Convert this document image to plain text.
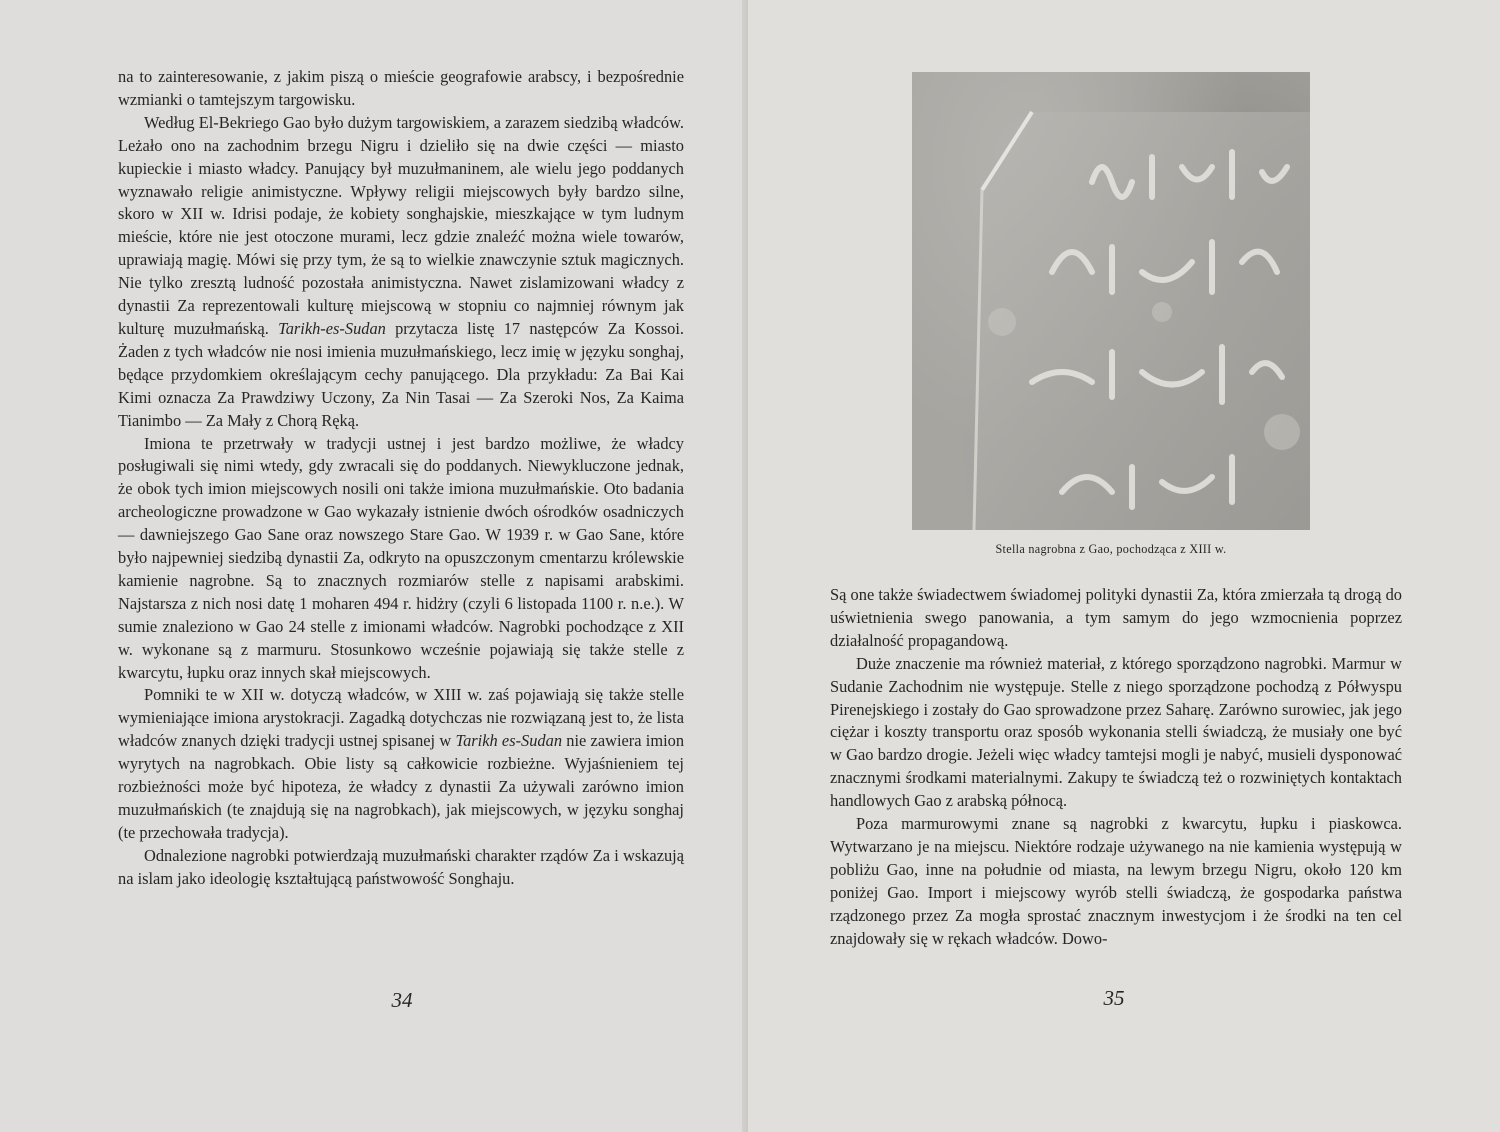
na to zainteresowanie, z jakim piszą o mieście geografowie arabscy, i bezpośrednie wzmianki o tamtejszym targowisku.

Według El-Bekriego Gao było dużym targowiskiem, a zarazem siedzibą władców. Leżało ono na zachodnim brzegu Nigru i dzieliło się na dwie części — miasto kupieckie i miasto władcy. Panujący był muzułmaninem, ale wielu jego poddanych wyznawało religie animistyczne. Wpływy religii miejscowych były bardzo silne, skoro w XII w. Idrisi podaje, że kobiety songhajskie, mieszkające w tym ludnym mieście, które nie jest otoczone murami, lecz gdzie znaleźć można wiele towarów, uprawiają magię. Mówi się przy tym, że są to wielkie znawczynie sztuk magicznych. Nie tylko zresztą ludność pozostała animistyczna. Nawet zislamizowani władcy z dynastii Za reprezentowali kulturę miejscową w stopniu co najmniej równym jak kulturę muzułmańską. Tarikh-es-Sudan przytacza listę 17 następców Za Kossoi. Żaden z tych władców nie nosi imienia muzułmańskiego, lecz imię w języku songhaj, będące przydomkiem określającym cechy panującego. Dla przykładu: Za Bai Kai Kimi oznacza Za Prawdziwy Uczony, Za Nin Tasai — Za Szeroki Nos, Za Kaima Tianimbo — Za Mały z Chorą Ręką.

Imiona te przetrwały w tradycji ustnej i jest bardzo możliwe, że władcy posługiwali się nimi wtedy, gdy zwracali się do poddanych. Niewykluczone jednak, że obok tych imion miejscowych nosili oni także imiona muzułmańskie. Oto badania archeologiczne prowadzone w Gao wykazały istnienie dwóch ośrodków osadniczych — dawniejszego Gao Sane oraz nowszego Stare Gao. W 1939 r. w Gao Sane, które było najpewniej siedzibą dynastii Za, odkryto na opuszczonym cmentarzu królewskie kamienie nagrobne. Są to znacznych rozmiarów stelle z napisami arabskimi. Najstarsza z nich nosi datę 1 moharen 494 r. hidżry (czyli 6 listopada 1100 r. n.e.). W sumie znaleziono w Gao 24 stelle z imionami władców. Nagrobki pochodzące z XII w. wykonane są z marmuru. Stosunkowo wcześnie pojawiają się także stelle z kwarcytu, łupku oraz innych skał miejscowych.

Pomniki te w XII w. dotyczą władców, w XIII w. zaś pojawiają się także stelle wymieniające imiona arystokracji. Zagadką dotychczas nie rozwiązaną jest to, że lista władców znanych dzięki tradycji ustnej spisanej w Tarikh es-Sudan nie zawiera imion wyrytych na nagrobkach. Obie listy są całkowicie rozbieżne. Wyjaśnieniem tej rozbieżności może być hipoteza, że władcy z dynastii Za używali zarówno imion muzułmańskich (te znajdują się na nagrobkach), jak miejscowych, w języku songhaj (te przechowała tradycja).

Odnalezione nagrobki potwierdzają muzułmański charakter rządów Za i wskazują na islam jako ideologię kształtującą państwowość Songhaju.

34
Stella nagrobna z Gao, pochodząca z XIII w.

Są one także świadectwem świadomej polityki dynastii Za, która zmierzała tą drogą do uświetnienia swego panowania, a tym samym do jego wzmocnienia poprzez działalność propagandową.

Duże znaczenie ma również materiał, z którego sporządzono nagrobki. Marmur w Sudanie Zachodnim nie występuje. Stelle z niego sporządzone pochodzą z Półwyspu Pirenejskiego i zostały do Gao sprowadzone przez Saharę. Zarówno surowiec, jak jego ciężar i koszty transportu oraz sposób wykonania stelli świadczą, że musiały one być w Gao bardzo drogie. Jeżeli więc władcy tamtejsi mogli je nabyć, musieli dysponować znacznymi środkami materialnymi. Zakupy te świadczą też o rozwiniętych kontaktach handlowych Gao z arabską północą.

Poza marmurowymi znane są nagrobki z kwarcytu, łupku i piaskowca. Wytwarzano je na miejscu. Niektóre rodzaje używanego na nie kamienia występują w pobliżu Gao, inne na południe od miasta, na lewym brzegu Nigru, około 120 km poniżej Gao. Import i miejscowy wyrób stelli świadczą, że gospodarka państwa rządzonego przez Za mogła sprostać znacznym inwestycjom i że środki na ten cel znajdowały się w rękach władców. Dowo-

35
